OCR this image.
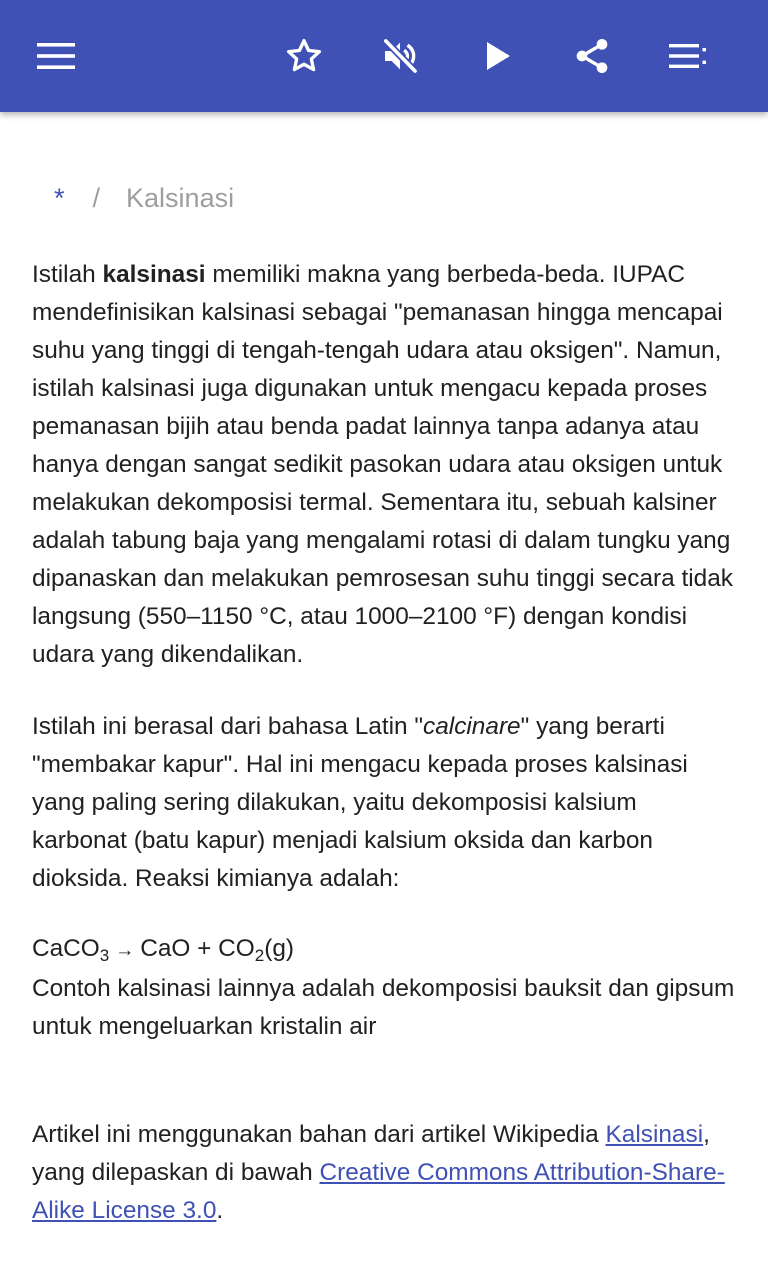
* / Kalsinasi

Istilah kalsinasi memiliki makna yang berbeda-beda. IUPAC mendefinisikan kalsinasi sebagai "pemanasan hingga mencapai suhu yang tinggi di tengah-tengah udara atau oksigen". Namun, istilah kalsinasi juga digunakan untuk mengacu kepada proses pemanasan bijih atau benda padat lainnya tanpa adanya atau hanya dengan sangat sedikit pasokan udara atau oksigen untuk melakukan dekomposisi termal. Sementara itu, sebuah kalsiner adalah tabung baja yang mengalami rotasi di dalam tungku yang dipanaskan dan melakukan pemrosesan suhu tinggi secara tidak langsung (550–1150 °C, atau 1000–2100 °F) dengan kondisi udara yang dikendalikan.

Istilah ini berasal dari bahasa Latin "calcinare" yang berarti "membakar kapur". Hal ini mengacu kepada proses kalsinasi yang paling sering dilakukan, yaitu dekomposisi kalsium karbonat (batu kapur) menjadi kalsium oksida dan karbon dioksida. Reaksi kimianya adalah:

CaCO$_3$ → CaO + $CO_2(g)$

Contoh kalsinasi lainnya adalah dekomposisi bauksit dan gipsum untuk mengeluarkan kristalin air

Artikel ini menggunakan bahan dari artikel Wikipedia Kalsinasi, yang dilepaskan di bawah Creative Commons Attribution-Share-Alike License 3.0.
